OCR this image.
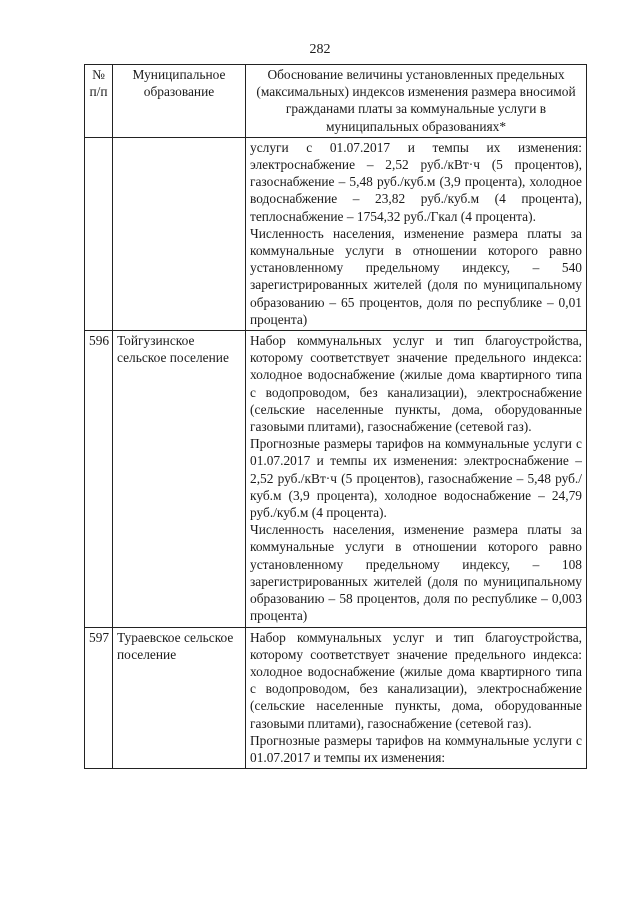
282
№ п/п	Муниципальное образование	Обоснование величины установленных предельных (максимальных) индексов изменения размера вносимой гражданами платы за коммунальные услуги в муниципальных образованиях*

		услуги с 01.07.2017 и темпы их изменения: электроснабжение – 2,52 руб./кВт·ч (5 процентов), газоснабжение – 5,48 руб./куб.м (3,9 процента), холодное водоснабжение – 23,82 руб./куб.м (4 процента), теплоснабжение – 1754,32 руб./Гкал (4 процента).

Численность населения, изменение размера платы за коммунальные услуги в отношении которого равно установленному предельному индексу, – 540 зарегистрированных жителей (доля по муниципальному образованию – 65 процентов, доля по республике – 0,01 процента)

596	Тойгузинское сельское поселение	Набор коммунальных услуг и тип благоустройства, которому соответствует значение предельного индекса: холодное водоснабжение (жилые дома квартирного типа с водопроводом, без канализации), электроснабжение (сельские населенные пункты, дома, оборудованные газовыми плитами), газоснабжение (сетевой газ).

Прогнозные размеры тарифов на коммунальные услуги с 01.07.2017 и темпы их изменения: электроснабжение – 2,52 руб./кВт·ч (5 процентов), газоснабжение – 5,48 руб./куб.м (3,9 процента), холодное водоснабжение – 24,79 руб./куб.м (4 процента).

Численность населения, изменение размера платы за коммунальные услуги в отношении которого равно установленному предельному индексу, – 108 зарегистрированных жителей (доля по муниципальному образованию – 58 процентов, доля по республике – 0,003 процента)

597	Тураевское сельское поселение	Набор коммунальных услуг и тип благоустройства, которому соответствует значение предельного индекса: холодное водоснабжение (жилые дома квартирного типа с водопроводом, без канализации), электроснабжение (сельские населенные пункты, дома, оборудованные газовыми плитами), газоснабжение (сетевой газ).

Прогнозные размеры тарифов на коммунальные услуги с 01.07.2017 и темпы их изменения:
